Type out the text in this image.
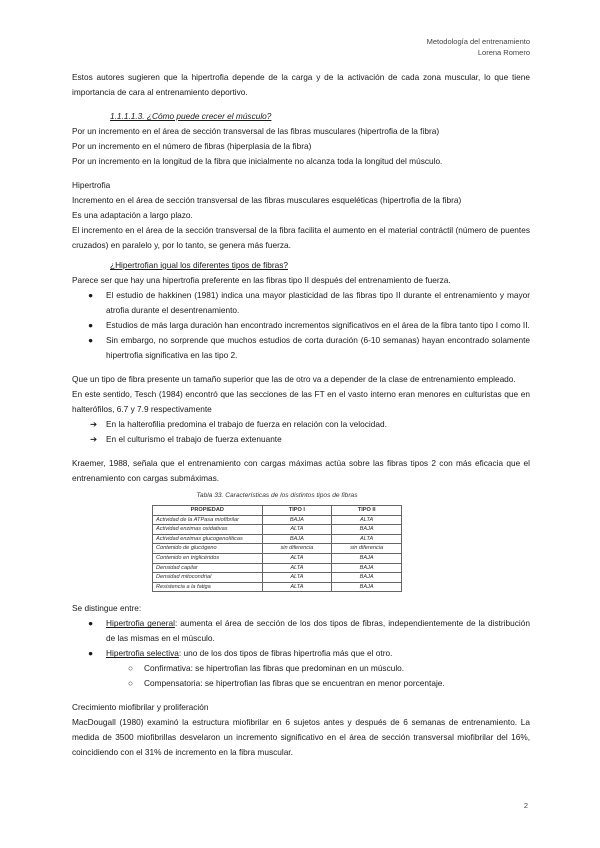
Metodología del entrenamiento
Lorena Romero

Estos autores sugieren que la hipertrofia depende de la carga y de la activación de cada zona muscular, lo que tiene importancia de cara al entrenamiento deportivo.

1.1.1.1.3. ¿Cómo puede crecer el músculo?

Por un incremento en el área de sección transversal de las fibras musculares (hipertrofia de la fibra)

Por un incremento en el número de fibras (hiperplasia de la fibra)

Por un incremento en la longitud de la fibra que inicialmente no alcanza toda la longitud del músculo.

Hipertrofia

Incremento en el área de sección transversal de las fibras musculares esqueléticas (hipertrofia de la fibra)

Es una adaptación a largo plazo.

El incremento en el área de la sección transversal de la fibra facilita el aumento en el material contráctil (número de puentes cruzados) en paralelo y, por lo tanto, se genera más fuerza.

¿Hipertrofian igual los diferentes tipos de fibras?

Parece ser que hay una hipertrofia preferente en las fibras tipo II después del entrenamiento de fuerza.

● El estudio de hakkinen (1981) indica una mayor plasticidad de las fibras tipo II durante el entrenamiento y mayor atrofia durante el desentrenamiento.
● Estudios de más larga duración han encontrado incrementos significativos en el área de la fibra tanto tipo I como II.
● Sin embargo, no sorprende que muchos estudios de corta duración (6-10 semanas) hayan encontrado solamente hipertrofia significativa en las tipo 2.

Que un tipo de fibra presente un tamaño superior que las de otro va a depender de la clase de entrenamiento empleado.

En este sentido, Tesch (1984) encontró que las secciones de las FT en el vasto interno eran menores en culturistas que en halterófilos, 6.7 y 7.9 respectivamente

➔ En la halterofilia predomina el trabajo de fuerza en relación con la velocidad.
➔ En el culturismo el trabajo de fuerza extenuante

Kraemer, 1988, señala que el entrenamiento con cargas máximas actúa sobre las fibras tipos 2 con más eficacia que el entrenamiento con cargas submáximas.

Tabla 33. Características de los distintos tipos de fibras
PROPIEDAD	TIPO I	TIPO II
Actividad de la ATPasa miofibrilar	BAJA	ALTA
Actividad enzimas oxidativas	ALTA	BAJA
Actividad enzimas glucogenolíticas	BAJA	ALTA
Contenido de glucógeno	sin diferencia	sin diferencia
Contenido en triglicéridos	ALTA	BAJA
Densidad capilar	ALTA	BAJA
Densidad mitocondrial	ALTA	BAJA
Resistencia a la fatiga	ALTA	BAJA

Se distingue entre:

● Hipertrofia general: aumenta el área de sección de los dos tipos de fibras, independientemente de la distribución de las mismas en el músculo.
● Hipertrofia selectiva: uno de los dos tipos de fibras hipertrofia más que el otro.
○ Confirmativa: se hipertrofian las fibras que predominan en un músculo.
○ Compensatoria: se hipertrofian las fibras que se encuentran en menor porcentaje.

Crecimiento miofibrilar y proliferación

MacDougall (1980) examinó la estructura miofibrilar en 6 sujetos antes y después de 6 semanas de entrenamiento. La medida de 3500 miofibrillas desvelaron un incremento significativo en el área de sección transversal miofibrilar del 16%, coincidiendo con el 31% de incremento en la fibra muscular.

2
